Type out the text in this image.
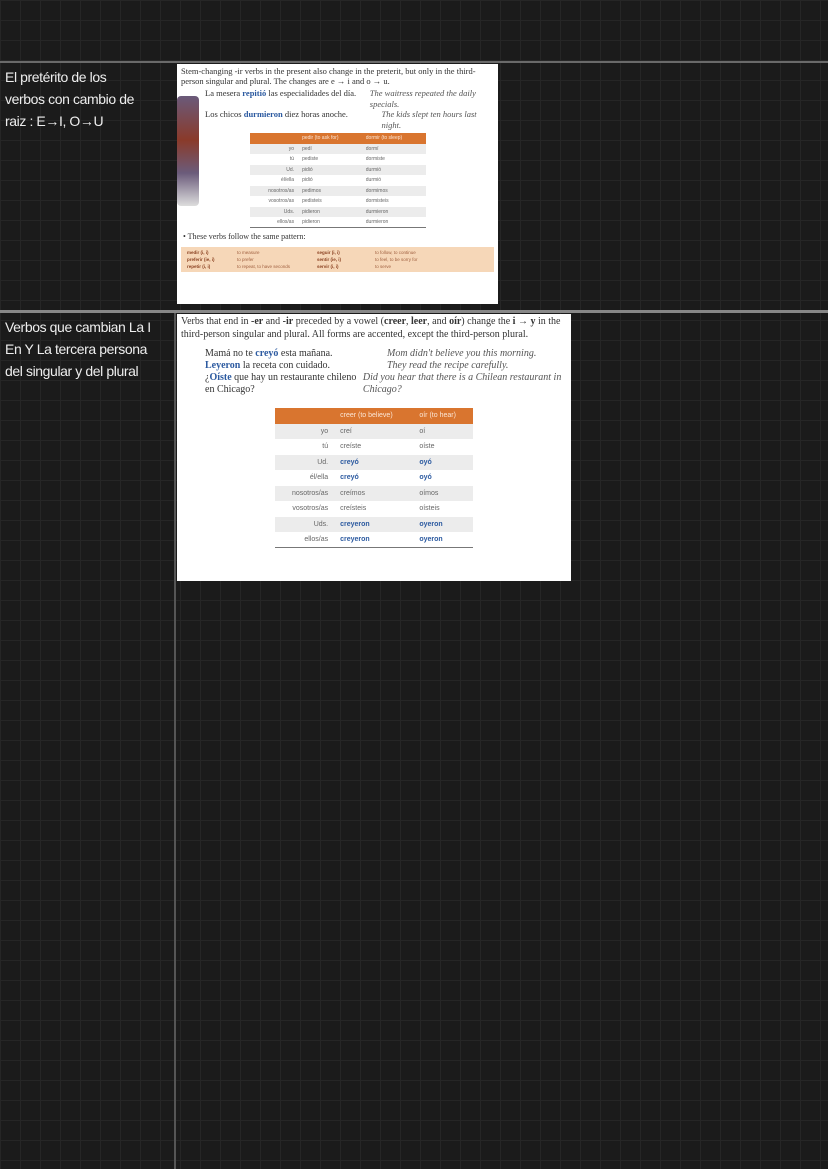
El pretérito de los
verbos con cambio de
raiz : E→I, O→U
Verbos que cambian La I
En Y La tercera persona
del singular y del plural
Stem-changing -ir verbs in the present also change in the preterit, but only in the third-person singular and plural. The changes are e → i and o → u.
La mesera repitió las especialidades del día.	The waitress repeated the daily specials.
Los chicos durmieron diez horas anoche.	The kids slept ten hours last night.
	pedir (to ask for)	dormir (to sleep)
yo	pedí	dormí
tú	pediste	dormiste
Ud.	pidió	durmió
él/ella	pidió	durmió
nosotros/as	pedimos	dormimos
vosotros/as	pedisteis	dormisteis
Uds.	pidieron	durmieron
ellos/as	pidieron	durmieron
• These verbs follow the same pattern:
medir (i, i)	to measure	seguir (i, i)	to follow, to continue
preferir (ie, i)	to prefer	sentir (ie, i)	to feel, to be sorry for
repetir (i, i)	to repeat, to have seconds	servir (i, i)	to serve
Verbs that end in -er and -ir preceded by a vowel (creer, leer, and oír) change the i → y in the third-person singular and plural. All forms are accented, except the third-person plural.
Mamá no te creyó esta mañana.	Mom didn't believe you this morning.
Leyeron la receta con cuidado.	They read the recipe carefully.
¿Oíste que hay un restaurante chileno en Chicago?
Did you hear that there is a Chilean restaurant in Chicago?
	creer (to believe)	oír (to hear)
yo	creí	oí
tú	creíste	oíste
Ud.	creyó	oyó
él/ella	creyó	oyó
nosotros/as	creímos	oímos
vosotros/as	creísteis	oísteis
Uds.	creyeron	oyeron
ellos/as	creyeron	oyeron
